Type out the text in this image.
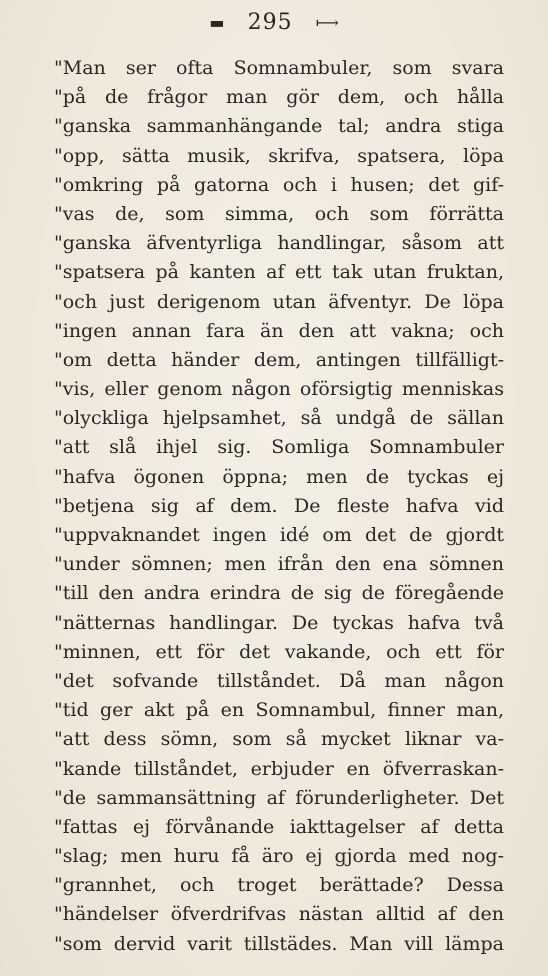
▬ 295 ⟼
"Man ser ofta Somnambuler, som svara
"på de frågor man gör dem, och hålla
"ganska sammanhängande tal; andra stiga
"opp, sätta musik, skrifva, spatsera, löpa
"omkring på gatorna och i husen; det gif-
"vas de, som simma, och som förrätta
"ganska äfventyrliga handlingar, såsom att
"spatsera på kanten af ett tak utan fruktan,
"och just derigenom utan äfventyr. De löpa
"ingen annan fara än den att vakna; och
"om detta händer dem, antingen tillfälligt-
"vis, eller genom någon oförsigtig menniskas
"olyckliga hjelpsamhet, så undgå de sällan
"att slå ihjel sig. Somliga Somnambuler
"hafva ögonen öppna; men de tyckas ej
"betjena sig af dem. De fleste hafva vid
"uppvaknandet ingen idé om det de gjordt
"under sömnen; men ifrån den ena sömnen
"till den andra erindra de sig de föregående
"nätternas handlingar. De tyckas hafva två
"minnen, ett för det vakande, och ett för
"det sofvande tillståndet. Då man någon
"tid ger akt på en Somnambul, finner man,
"att dess sömn, som så mycket liknar va-
"kande tillståndet, erbjuder en öfverraskan-
"de sammansättning af förunderligheter. Det
"fattas ej förvånande iakttagelser af detta
"slag; men huru få äro ej gjorda med nog-
"grannhet, och troget berättade? Dessa
"händelser öfverdrifvas nästan alltid af den
"som dervid varit tillstädes. Man vill lämpa
